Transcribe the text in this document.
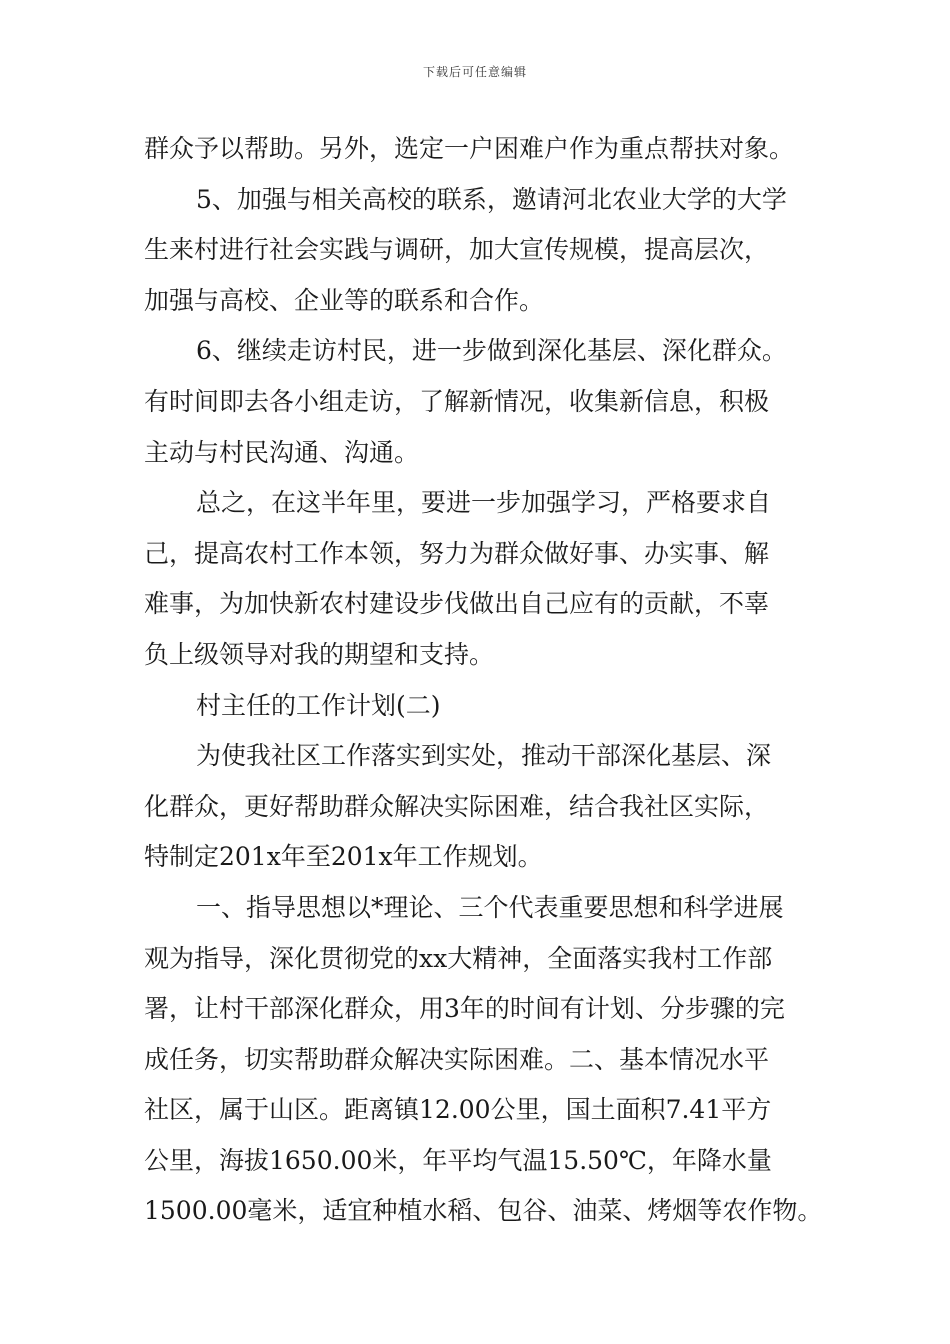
下载后可任意编辑
群众予以帮助。另外，选定一户困难户作为重点帮扶对象。
5、加强与相关高校的联系，邀请河北农业大学的大学
生来村进行社会实践与调研，加大宣传规模，提高层次，
加强与高校、企业等的联系和合作。
6、继续走访村民，进一步做到深化基层、深化群众。
有时间即去各小组走访，了解新情况，收集新信息，积极
主动与村民沟通、沟通。
总之，在这半年里，要进一步加强学习，严格要求自
己，提高农村工作本领，努力为群众做好事、办实事、解
难事，为加快新农村建设步伐做出自己应有的贡献，不辜
负上级领导对我的期望和支持。
村主任的工作计划(二)
为使我社区工作落实到实处，推动干部深化基层、深
化群众，更好帮助群众解决实际困难，结合我社区实际，
特制定201x年至201x年工作规划。
一、指导思想以*理论、三个代表重要思想和科学进展
观为指导，深化贯彻党的xx大精神，全面落实我村工作部
署，让村干部深化群众，用3年的时间有计划、分步骤的完
成任务，切实帮助群众解决实际困难。二、基本情况水平
社区，属于山区。距离镇12.00公里，国土面积7.41平方
公里，海拔1650.00米，年平均气温15.50℃，年降水量
1500.00毫米，适宜种植水稻、包谷、油菜、烤烟等农作物。
